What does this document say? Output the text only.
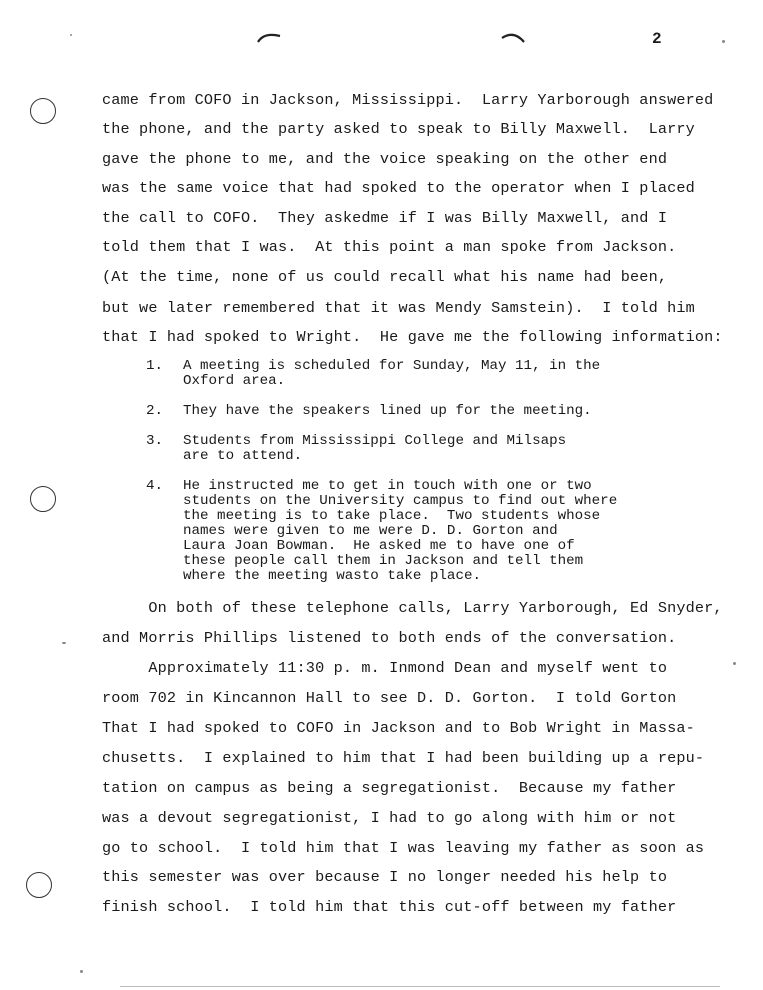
2
came from COFO in Jackson, Mississippi.  Larry Yarborough answered
the phone, and the party asked to speak to Billy Maxwell.  Larry
gave the phone to me, and the voice speaking on the other end
was the same voice that had spoked to the operator when I placed
the call to COFO.  They askedme if I was Billy Maxwell, and I
told them that I was.  At this point a man spoke from Jackson.
(At the time, none of us could recall what his name had been,
but we later remembered that it was Mendy Samstein).  I told him
that I had spoked to Wright.  He gave me the following information:
1. A meeting is scheduled for Sunday, May 11, in the
Oxford area.
2. They have the speakers lined up for the meeting.
3. Students from Mississippi College and Milsaps
are to attend.
4. He instructed me to get in touch with one or two
students on the University campus to find out where
the meeting is to take place.  Two students whose
names were given to me were D. D. Gorton and
Laura Joan Bowman.  He asked me to have one of
these people call them in Jackson and tell them
where the meeting wasto take place.
On both of these telephone calls, Larry Yarborough, Ed Snyder,
and Morris Phillips listened to both ends of the conversation.
Approximately 11:30 p. m. Inmond Dean and myself went to
room 702 in Kincannon Hall to see D. D. Gorton.  I told Gorton
That I had spoked to COFO in Jackson and to Bob Wright in Massa-
chusetts.  I explained to him that I had been building up a repu-
tation on campus as being a segregationist.  Because my father
was a devout segregationist, I had to go along with him or not
go to school.  I told him that I was leaving my father as soon as
this semester was over because I no longer needed his help to
finish school.  I told him that this cut-off between my father
